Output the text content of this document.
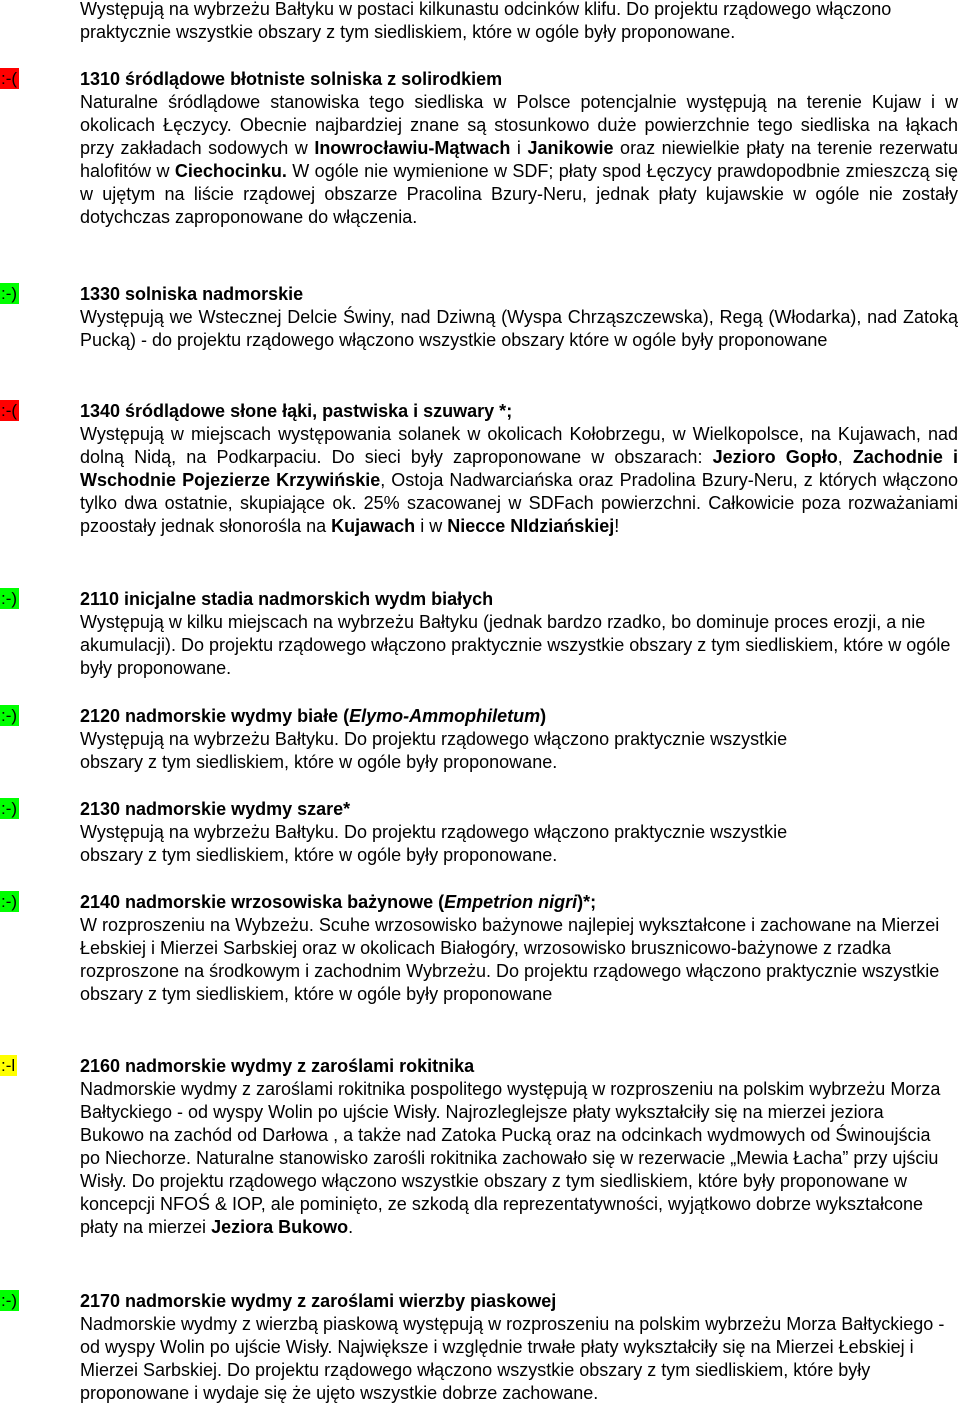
Występują na wybrzeżu Bałtyku w postaci kilkunastu odcinków klifu. Do projektu rządowego włączono praktycznie wszystkie obszary z tym siedliskiem, które w ogóle były proponowane.

:-(	1310 śródlądowe błotniste solniska z solirodkiem

Naturalne śródlądowe stanowiska tego siedliska w Polsce potencjalnie występują na terenie Kujaw i w okolicach Łęczycy. Obecnie najbardziej znane są stosunkowo duże powierzchnie tego siedliska na łąkach przy zakładach sodowych w Inowrocławiu-Mątwach i Janikowie oraz niewielkie płaty na terenie rezerwatu halofitów w Ciechocinku. W ogóle nie wymienione w SDF; płaty spod Łęczycy prawdopodbnie zmieszczą się w ujętym na liście rządowej obszarze Pracolina Bzury-Neru, jednak płaty kujawskie w ogóle nie zostały dotychczas zaproponowane do włączenia.

:-)	1330 solniska nadmorskie

Występują we Wstecznej Delcie Świny, nad Dziwną (Wyspa Chrząszczewska), Regą (Włodarka), nad Zatoką Pucką) - do projektu rządowego włączono wszystkie obszary które w ogóle były proponowane

:-(	1340 śródlądowe słone łąki, pastwiska i szuwary *;

Występują w miejscach występowania solanek w okolicach Kołobrzegu, w Wielkopolsce, na Kujawach, nad dolną Nidą, na Podkarpaciu. Do sieci były zaproponowane w obszarach: Jezioro Gopło, Zachodnie i Wschodnie Pojezierze Krzywińskie, Ostoja Nadwarciańska oraz Pradolina Bzury-Neru, z których włączono tylko dwa ostatnie, skupiające ok. 25% szacowanej w SDFach powierzchni. Całkowicie poza rozważaniami pzoostały jednak słonorośla na Kujawach i w Niecce NIdziańskiej!

:-)	2110 inicjalne stadia nadmorskich wydm białych

Występują w kilku miejscach na wybrzeżu Bałtyku (jednak bardzo rzadko, bo dominuje proces erozji, a nie akumulacji). Do projektu rządowego włączono praktycznie wszystkie obszary z tym siedliskiem, które w ogóle były proponowane.

:-)	2120 nadmorskie wydmy białe (Elymo-Ammophiletum)

Występują na wybrzeżu Bałtyku. Do projektu rządowego włączono praktycznie wszystkie obszary z tym siedliskiem, które w ogóle były proponowane.

:-)	2130 nadmorskie wydmy szare*

Występują na wybrzeżu Bałtyku. Do projektu rządowego włączono praktycznie wszystkie obszary z tym siedliskiem, które w ogóle były proponowane.

:-)	2140 nadmorskie wrzosowiska bażynowe (Empetrion nigri)*;

W rozproszeniu na Wybzeżu. Scuhe wrzosowisko bażynowe najlepiej wykształcone i zachowane na Mierzei Łebskiej i Mierzei Sarbskiej oraz w okolicach Białogóry, wrzosowisko brusznicowo-bażynowe z rzadka rozproszone na środkowym i zachodnim Wybrzeżu. Do projektu rządowego włączono praktycznie wszystkie obszary z tym siedliskiem, które w ogóle były proponowane

:-l	2160 nadmorskie wydmy z zaroślami rokitnika

Nadmorskie wydmy z zaroślami rokitnika pospolitego występują w rozproszeniu na polskim wybrzeżu Morza Bałtyckiego - od wyspy Wolin po ujście Wisły. Najrozleglejsze płaty wykształciły się na mierzei jeziora Bukowo na zachód od Darłowa , a także nad Zatoka Pucką oraz na odcinkach wydmowych od Świnoujścia po Niechorze. Naturalne stanowisko zarośli rokitnika zachowało się w rezerwacie „Mewia Łacha” przy ujściu Wisły. Do projektu rządowego włączono wszystkie obszary z tym siedliskiem, które były proponowane w koncepcji NFOŚ & IOP, ale pominięto, ze szkodą dla reprezentatywności, wyjątkowo dobrze wykształcone płaty na mierzei Jeziora Bukowo.

:-)	2170 nadmorskie wydmy z zaroślami wierzby piaskowej

Nadmorskie wydmy z wierzbą piaskową występują w rozproszeniu na polskim wybrzeżu Morza Bałtyckiego - od wyspy Wolin po ujście Wisły. Największe i względnie trwałe płaty wykształciły się na Mierzei Łebskiej i Mierzei Sarbskiej. Do projektu rządowego włączono wszystkie obszary z tym siedliskiem, które były proponowane i wydaje się że ujęto wszystkie dobrze zachowane.
